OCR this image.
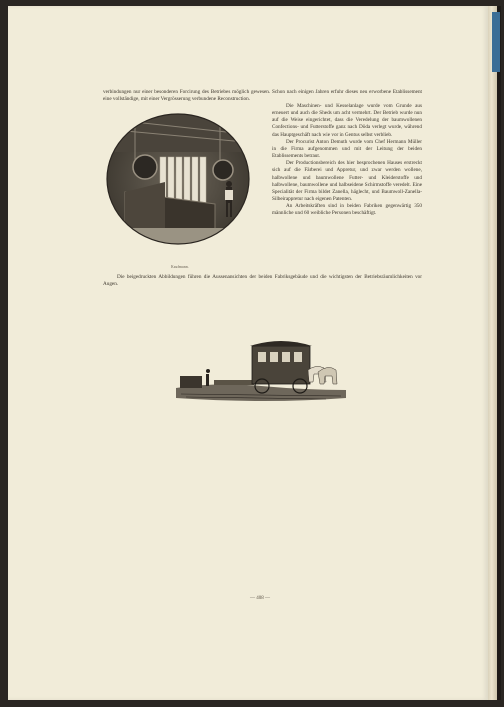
verbindungen nur einer besonderen Forcirung des Betriebes möglich gewesen. Schon nach einigen Jahren erfuhr dieses neu erworbene Etablissement eine vollständige, mit einer Vergrösserung verbundene Reconstruction.

Kaufmann.

Die Maschinen- und Kesselanlage wurde vom Grunde aus erneuert und auch die Sheds um acht vermehrt. Der Betrieb wurde nun auf die Weise eingerichtet, dass die Veredelung der baumwollenen Confections- und Futterstoffe ganz nach Döda verlegt wurde, während das Hauptgeschäft nach wie vor in Gentus selbst verblieb.

Der Procurist Anton Demuth wurde vom Chef Hermann Müller in die Firma aufgenommen und mit der Leitung der beiden Etablissements betraut.

Der Productionsbereich des hier besprochenen Hauses erstreckt sich auf die Färberei und Appretur, und zwar werden wollene, halbwollene und baumwollene Futter- und Kleiderstoffe und halbwollene, baumwollene und halbseidene Schirmstoffe veredelt. Eine Specialität der Firma bildet Zanella, häglecht, und Baumwoll-Zanella-Silbeirappretur nach eigenen Patenten.

An Arbeitskräften sind in beiden Fabriken gegenwärtig 350 männliche und 60 weibliche Personen beschäftigt.

Die beigedruckten Abbildungen führen die Aussenansichten der beiden Fabriksgebäude und die wichtigsten der Betriebsräumlichkeiten vor Augen.

— 408 —
